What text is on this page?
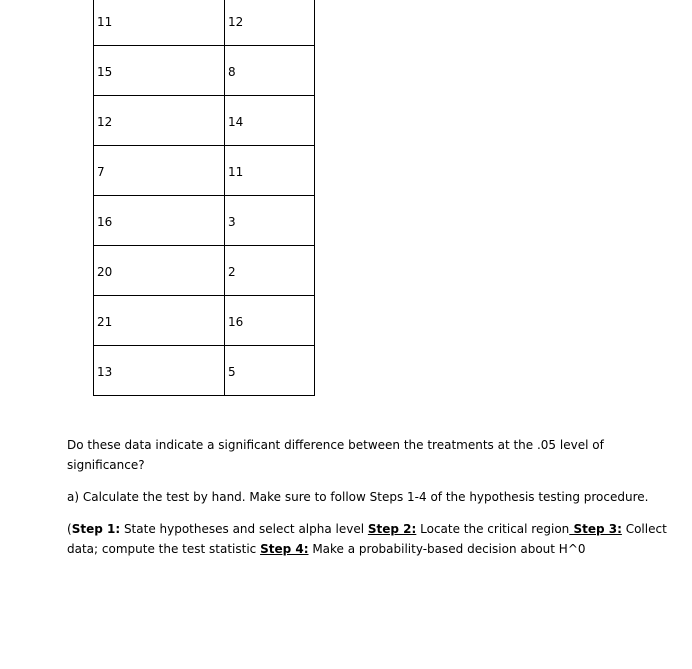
11	12

15	8

12	14

7	11

16	3

20	2

21	16

13	5

Do these data indicate a significant difference between the treatments at the .05 level of significance?

a) Calculate the test by hand. Make sure to follow Steps 1-4 of the hypothesis testing procedure.

(Step 1: State hypotheses and select alpha level Step 2: Locate the critical region Step 3: Collect data; compute the test statistic Step 4: Make a probability-based decision about H^0
